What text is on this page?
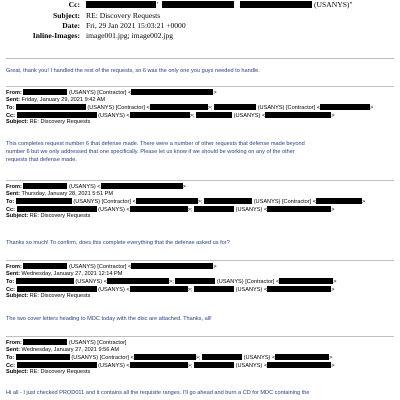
Cc:	'	(USANYS)"
Subject: RE: Discovery Requests
Date: Fri, 29 Jan 2021 15:03:21 +0000
Inline-Images: image001.jpg; image002.jpg
Great, thank you! I handled the rest of the requests, so 6 was the only one you guys needed to handle.
From:	(USANYS) [Contractor] <	>
Sent: Friday, January 29, 2021 9:42 AM
To:	(USANYS) [Contractor] <	>;	(USANYS) [Contractor] <	>
Cc:	(USANYS) <	>;	(USANYS) <	>
Subject: RE: Discovery Requests
This completes request number 6 that defense made. There were a number of other requests that defense made beyond
number 6 but we only addressed that one specifically. Please let us know if we should be working on any of the other
requests that defense made.
From:	(USANYS) <	>
Sent: Thursday, January 28, 2021 5:51 PM
To:	(USANYS) [Contractor] <	>;	(USANYS) [Contractor] <	>
Cc:	(USANYS) <	>;	(USANYS) <	>
Subject: RE: Discovery Requests
Thanks so much! To confirm, does this complete everything that the defense asked us for?
From:	(USANYS) [Contractor] <	>
Sent: Wednesday, January 27, 2021 12:14 PM
To:	(USANYS) <	>;	(USANYS) [Contractor] <	>
Cc:	(USANYS) <	>;	(USANYS) <	>
Subject: RE: Discovery Requests
The two cover letters heading to MDC today with the disc are attached. Thanks, all!
From:	(USANYS) [Contractor]
Sent: Wednesday, January 27, 2021 9:56 AM
To:	(USANYS) [Contractor] <	>;	(USANYS) <	>
Cc:	(USANYS) <	>;	(USANYS) <	>
Subject: RE: Discovery Requests
Hi all - I just checked PROD011 and it contains all the requisite ranges. I'll go ahead and burn a CD for MDC containing the
